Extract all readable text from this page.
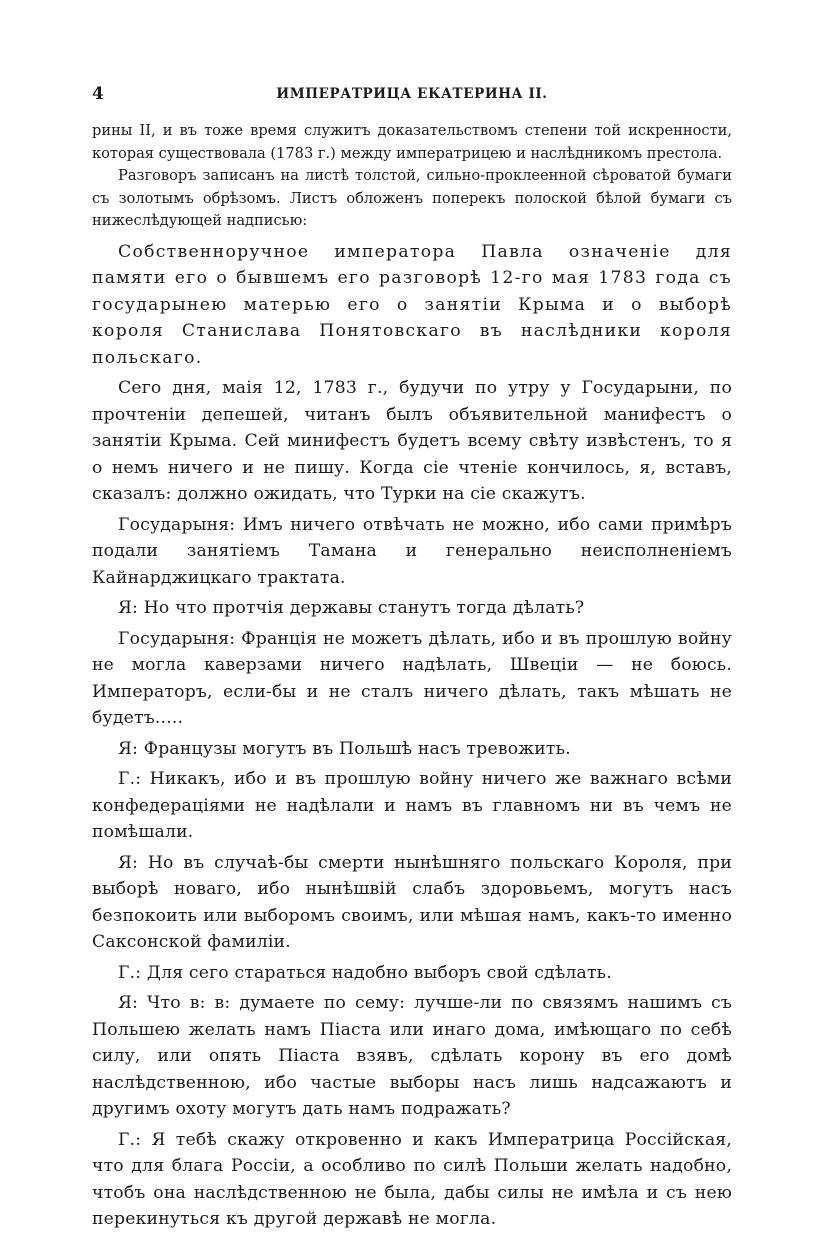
4	ИМПЕРАТРИЦА ЕКАТЕРИНА II.

рины II, и въ тоже время служитъ доказательствомъ степени той искренности, которая существовала (1783 г.) между императрицею и наслѣдникомъ престола.

Разговоръ записанъ на листѣ толстой, сильно-проклеенной сѣроватой бумаги съ золотымъ обрѣзомъ. Листъ обложенъ поперекъ полоской бѣлой бумаги съ нижеслѣдующей надписью:

Собственноручное императора Павла означеніе для памяти его о бывшемъ его разговорѣ 12-го мая 1783 года съ государынею матерью его о занятіи Крыма и о выборѣ короля Станислава Понятовскаго въ наслѣдники короля польскаго.

Сего дня, маія 12, 1783 г., будучи по утру у Государыни, по прочтеніи депешей, читанъ былъ объявительной манифестъ о занятіи Крыма. Сей минифестъ будетъ всему свѣту извѣстенъ, то я о немъ ничего и не пишу. Когда сіе чтеніе кончилось, я, вставъ, сказалъ: должно ожидать, что Турки на сіе скажутъ.

Государыня: Имъ ничего отвѣчать не можно, ибо сами примѣръ подали занятіемъ Тамана и генерально неисполненіемъ Кайнарджицкаго трактата.

Я: Но что протчія державы станутъ тогда дѣлать?

Государыня: Франція не можетъ дѣлать, ибо и въ прошлую войну не могла каверзами ничего надѣлать, Швеціи — не боюсь. Императоръ, если-бы и не сталъ ничего дѣлать, такъ мѣшать не будетъ.....

Я: Французы могутъ въ Польшѣ насъ тревожить.

Г.: Никакъ, ибо и въ прошлую войну ничего же важнаго всѣми конфедераціями не надѣлали и намъ въ главномъ ни въ чемъ не помѣшали.

Я: Но въ случаѣ-бы смерти нынѣшняго польскаго Короля, при выборѣ новаго, ибо нынѣшвій слабъ здоровьемъ, могутъ насъ безпокоить или выборомъ своимъ, или мѣшая намъ, какъ-то именно Саксонской фамиліи.

Г.: Для сего стараться надобно выборъ свой сдѣлать.

Я: Что в: в: думаете по сему: лучше-ли по связямъ нашимъ съ Польшею желать намъ Піаста или инаго дома, имѣющаго по себѣ силу, или опять Піаста взявъ, сдѣлать корону въ его домѣ наслѣдственною, ибо частые выборы насъ лишь надсажаютъ и другимъ охоту могутъ дать намъ подражать?

Г.: Я тебѣ скажу откровенно и какъ Императрица Россійская, что для блага Россіи, а особливо по силѣ Польши желать надобно, чтобъ она наслѣдственною не была, дабы силы не имѣла и съ нею перекинуться къ другой державѣ не могла.
